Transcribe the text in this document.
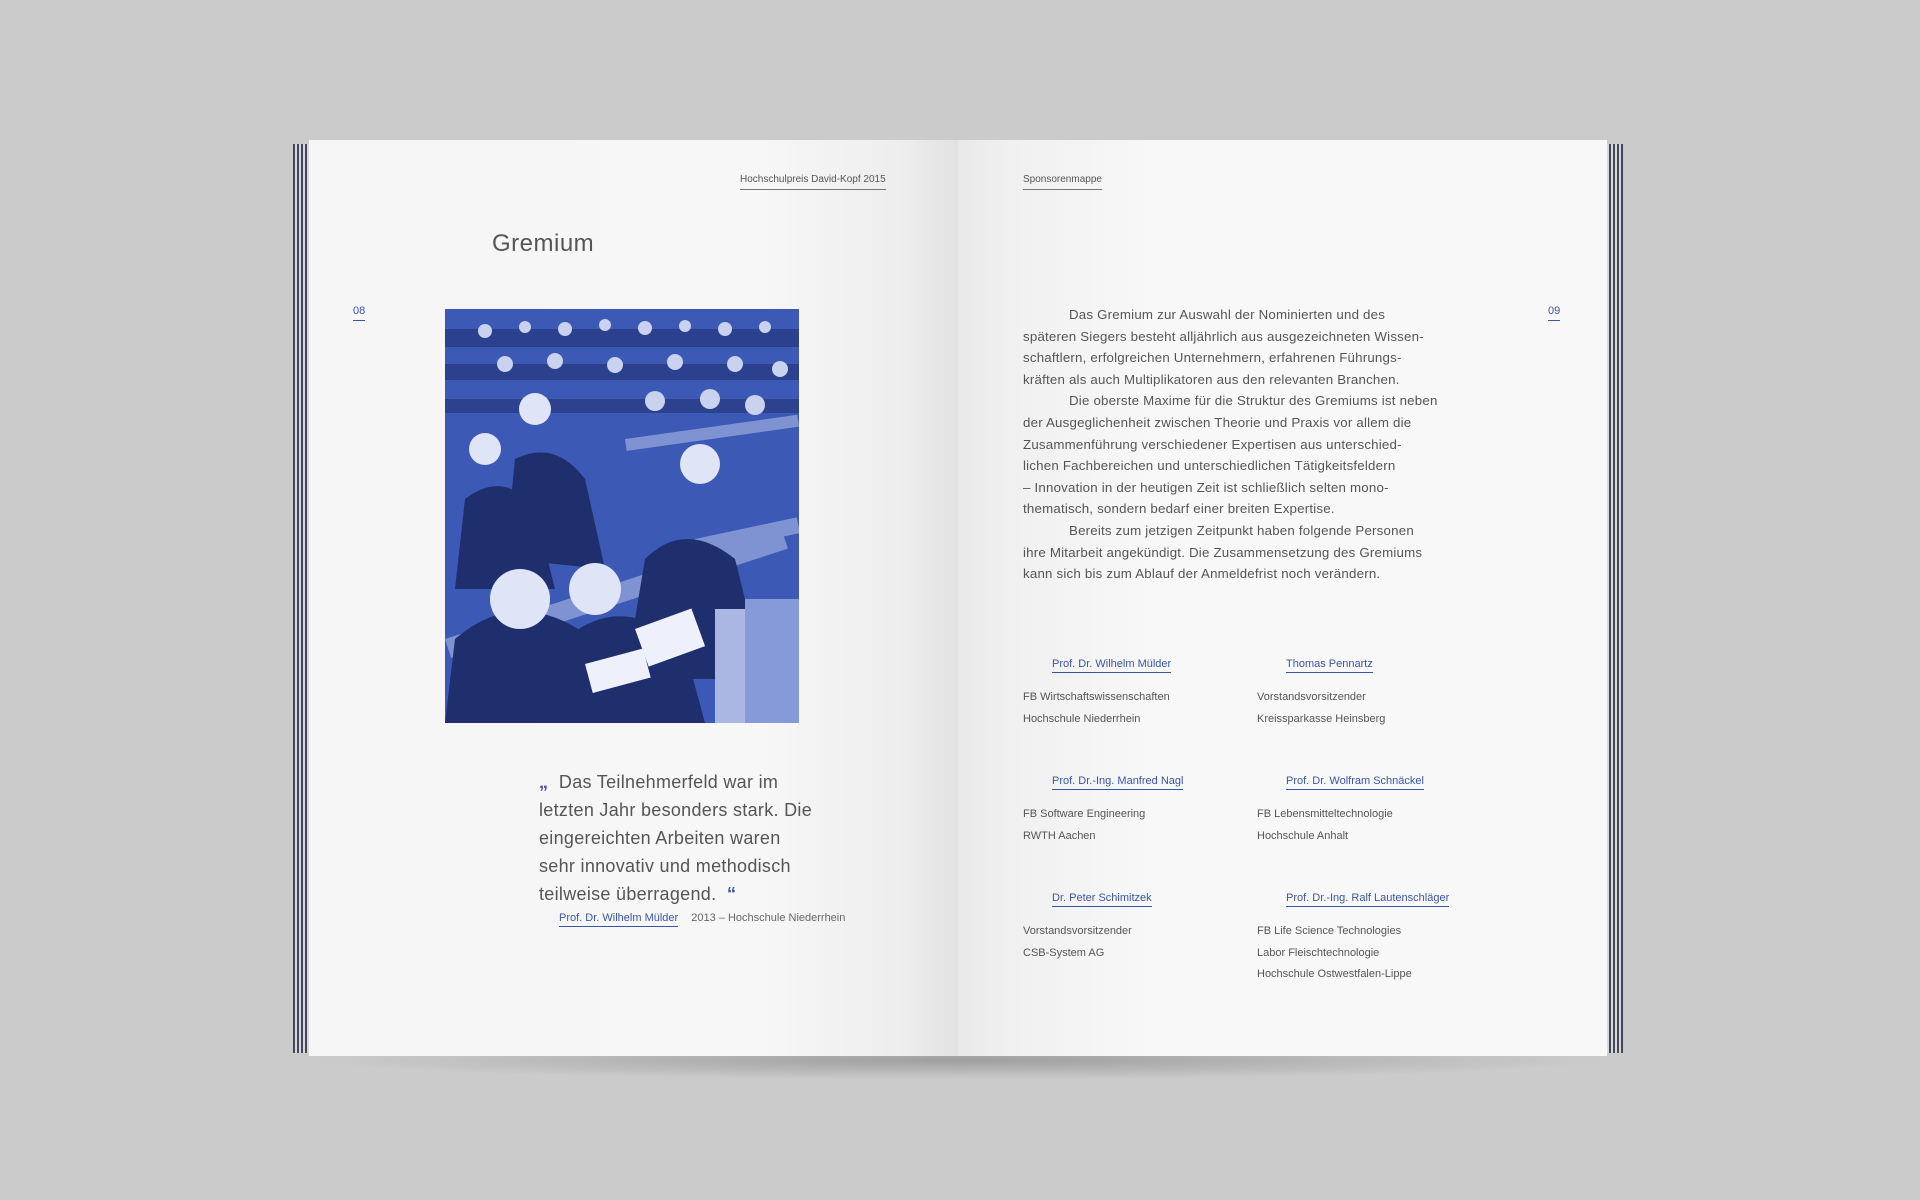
Hochschulpreis David-Kopf 2015
08
Gremium
„ Das Teilnehmerfeld war im
letzten Jahr besonders stark. Die
eingereichten Arbeiten waren
sehr innovativ und methodisch
teilweise überragend. “
Prof. Dr. Wilhelm Mülder 2013 – Hochschule Niederrhein
Sponsorenmappe
09
Das Gremium zur Auswahl der Nominierten und des
späteren Siegers besteht alljährlich aus ausgezeichneten Wissen-
schaftlern, erfolgreichen Unternehmern, erfahrenen Führungs-
kräften als auch Multiplikatoren aus den relevanten Branchen.
Die oberste Maxime für die Struktur des Gremiums ist neben
der Ausgeglichenheit zwischen Theorie und Praxis vor allem die
Zusammenführung verschiedener Expertisen aus unterschied-
lichen Fachbereichen und unterschiedlichen Tätigkeitsfeldern
– Innovation in der heutigen Zeit ist schließlich selten mono-
thematisch, sondern bedarf einer breiten Expertise.
Bereits zum jetzigen Zeitpunkt haben folgende Personen
ihre Mitarbeit angekündigt. Die Zusammensetzung des Gremiums
kann sich bis zum Ablauf der Anmeldefrist noch verändern.
Prof. Dr. Wilhelm Mülder
FB Wirtschaftswissenschaften
Hochschule Niederrhein
Thomas Pennartz
Vorstandsvorsitzender
Kreissparkasse Heinsberg
Prof. Dr.-Ing. Manfred Nagl
FB Software Engineering
RWTH Aachen
Prof. Dr. Wolfram Schnäckel
FB Lebensmitteltechnologie
Hochschule Anhalt
Dr. Peter Schimitzek
Vorstandsvorsitzender
CSB-System AG
Prof. Dr.-Ing. Ralf Lautenschläger
FB Life Science Technologies
Labor Fleischtechnologie
Hochschule Ostwestfalen-Lippe
